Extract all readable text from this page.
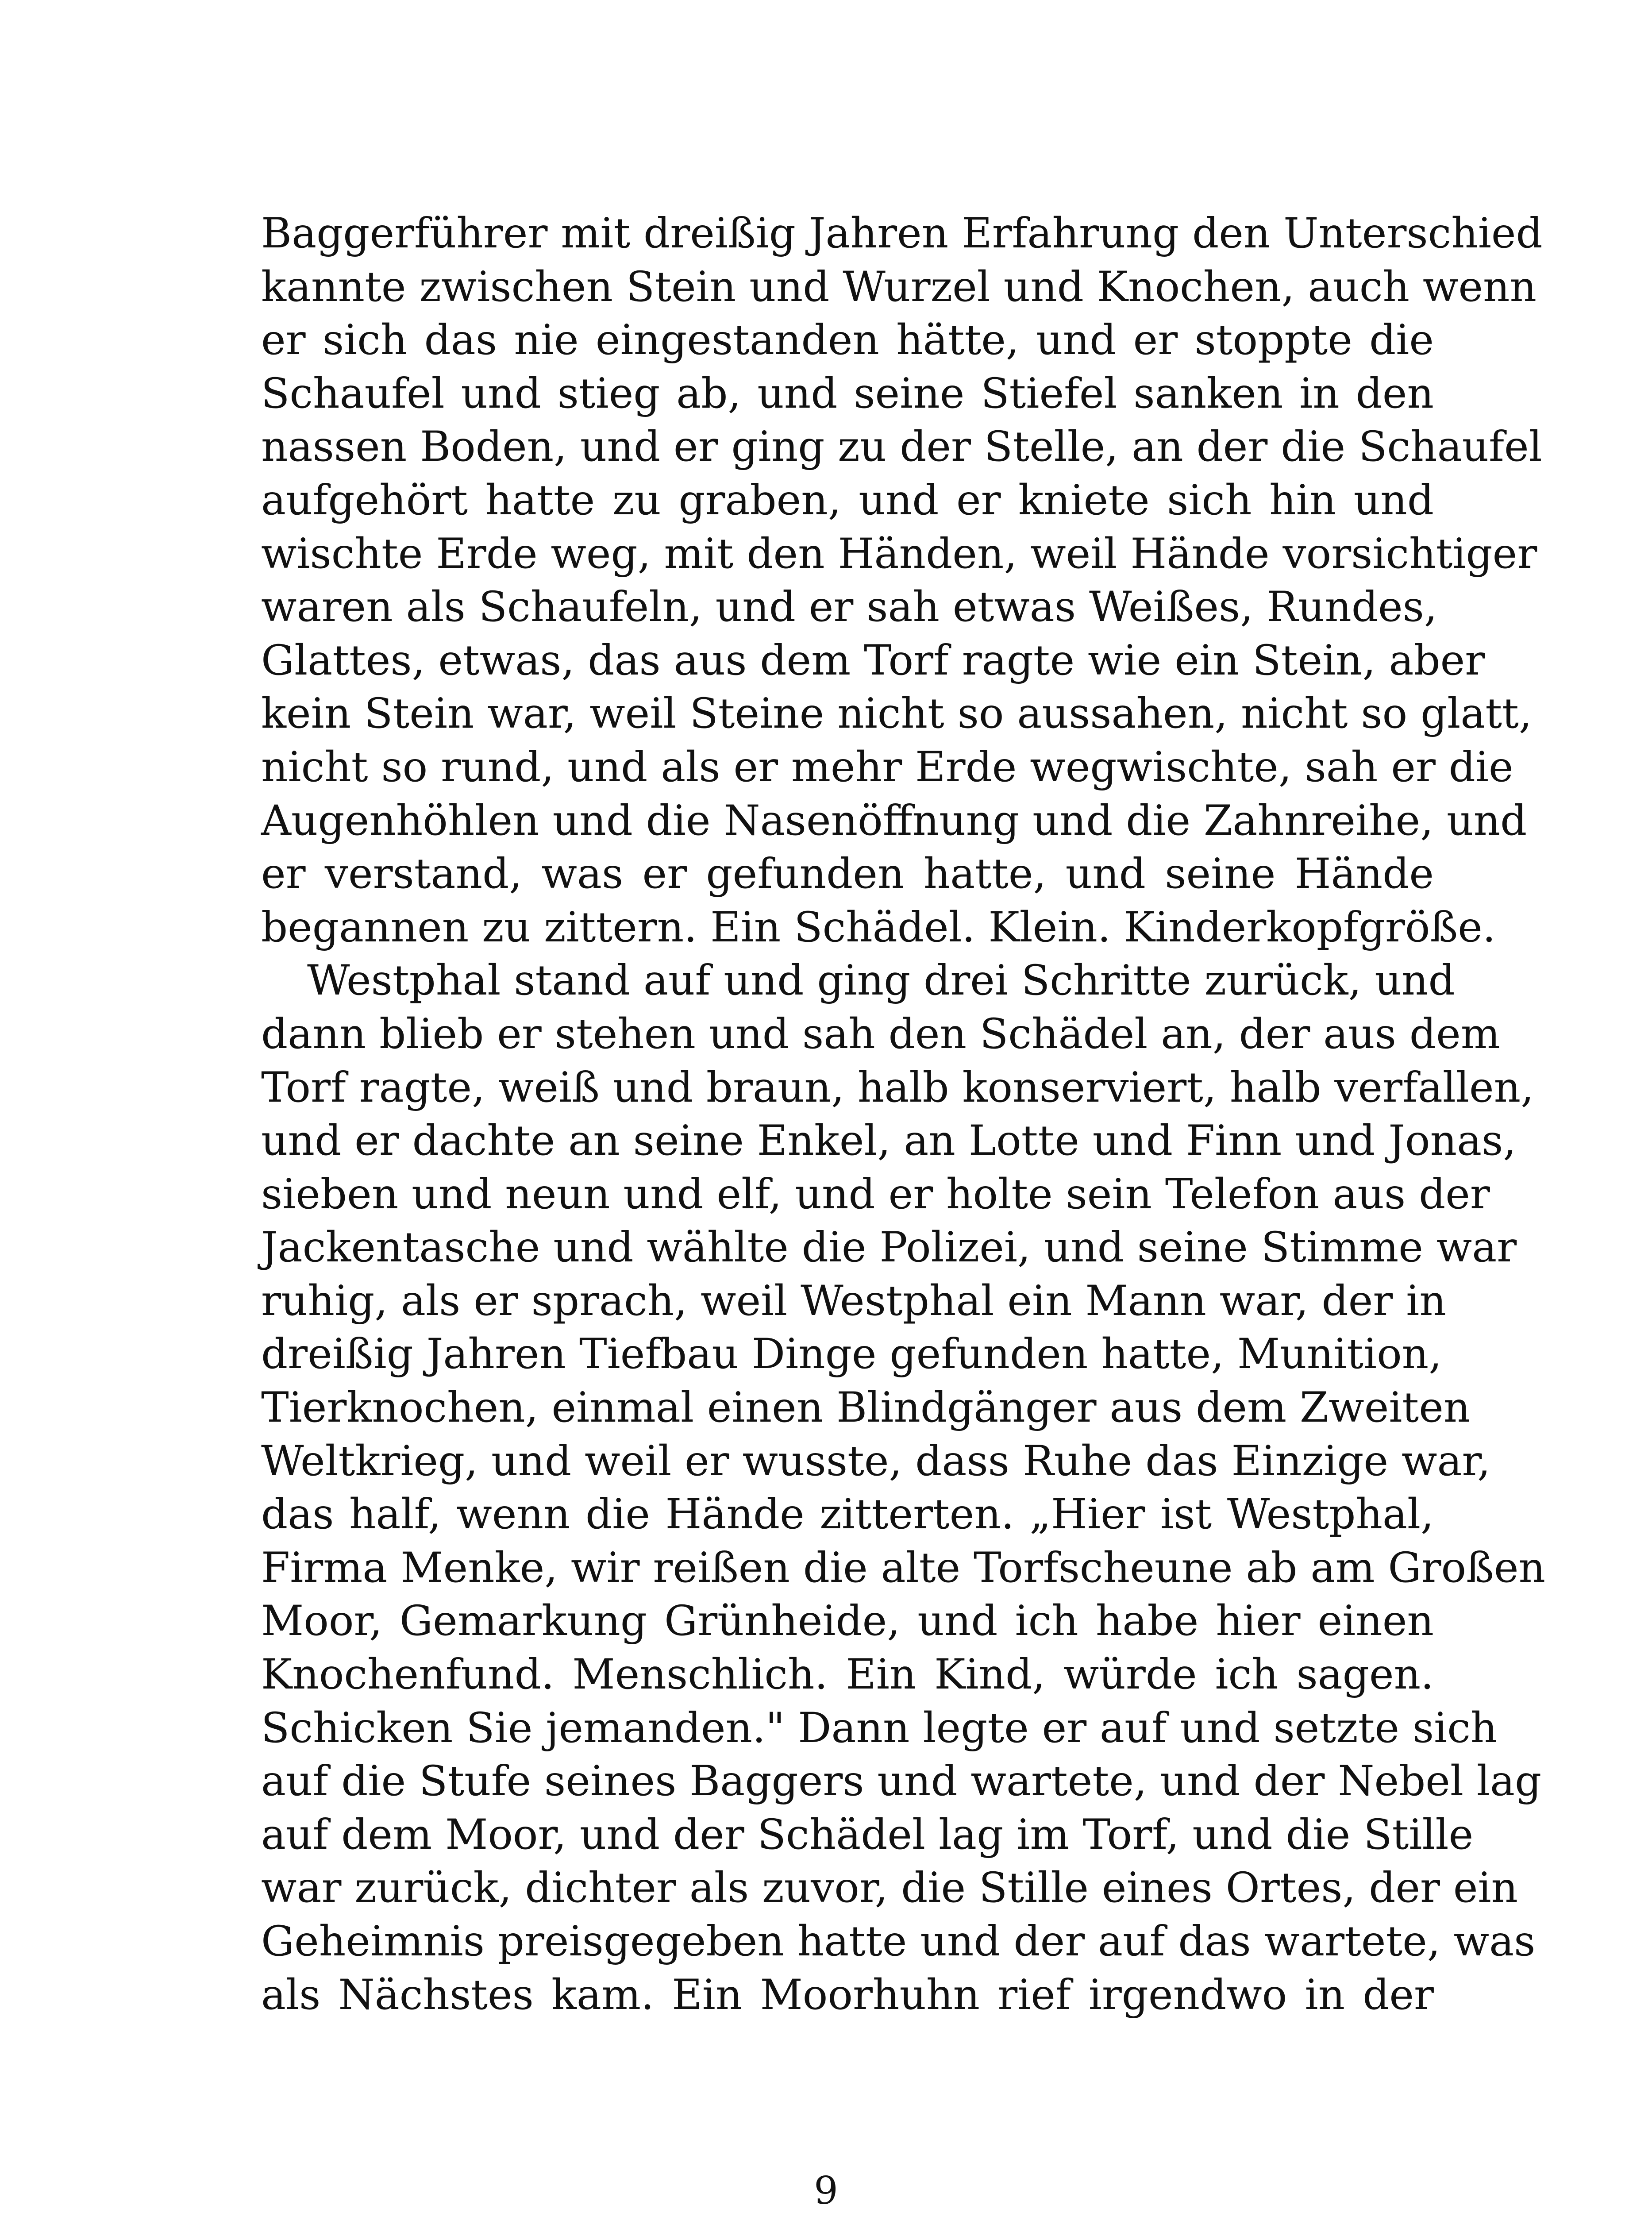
Baggerführer mit dreißig Jahren Erfahrung den Unterschied
kannte zwischen Stein und Wurzel und Knochen, auch wenn
er sich das nie eingestanden hätte, und er stoppte die
Schaufel und stieg ab, und seine Stiefel sanken in den
nassen Boden, und er ging zu der Stelle, an der die Schaufel
aufgehört hatte zu graben, und er kniete sich hin und
wischte Erde weg, mit den Händen, weil Hände vorsichtiger
waren als Schaufeln, und er sah etwas Weißes, Rundes,
Glattes, etwas, das aus dem Torf ragte wie ein Stein, aber
kein Stein war, weil Steine nicht so aussahen, nicht so glatt,
nicht so rund, und als er mehr Erde wegwischte, sah er die
Augenhöhlen und die Nasenöffnung und die Zahnreihe, und
er verstand, was er gefunden hatte, und seine Hände
begannen zu zittern. Ein Schädel. Klein. Kinderkopfgröße.
Westphal stand auf und ging drei Schritte zurück, und
dann blieb er stehen und sah den Schädel an, der aus dem
Torf ragte, weiß und braun, halb konserviert, halb verfallen,
und er dachte an seine Enkel, an Lotte und Finn und Jonas,
sieben und neun und elf, und er holte sein Telefon aus der
Jackentasche und wählte die Polizei, und seine Stimme war
ruhig, als er sprach, weil Westphal ein Mann war, der in
dreißig Jahren Tiefbau Dinge gefunden hatte, Munition,
Tierknochen, einmal einen Blindgänger aus dem Zweiten
Weltkrieg, und weil er wusste, dass Ruhe das Einzige war,
das half, wenn die Hände zitterten. „Hier ist Westphal,
Firma Menke, wir reißen die alte Torfscheune ab am Großen
Moor, Gemarkung Grünheide, und ich habe hier einen
Knochenfund. Menschlich. Ein Kind, würde ich sagen.
Schicken Sie jemanden." Dann legte er auf und setzte sich
auf die Stufe seines Baggers und wartete, und der Nebel lag
auf dem Moor, und der Schädel lag im Torf, und die Stille
war zurück, dichter als zuvor, die Stille eines Ortes, der ein
Geheimnis preisgegeben hatte und der auf das wartete, was
als Nächstes kam. Ein Moorhuhn rief irgendwo in der
9
